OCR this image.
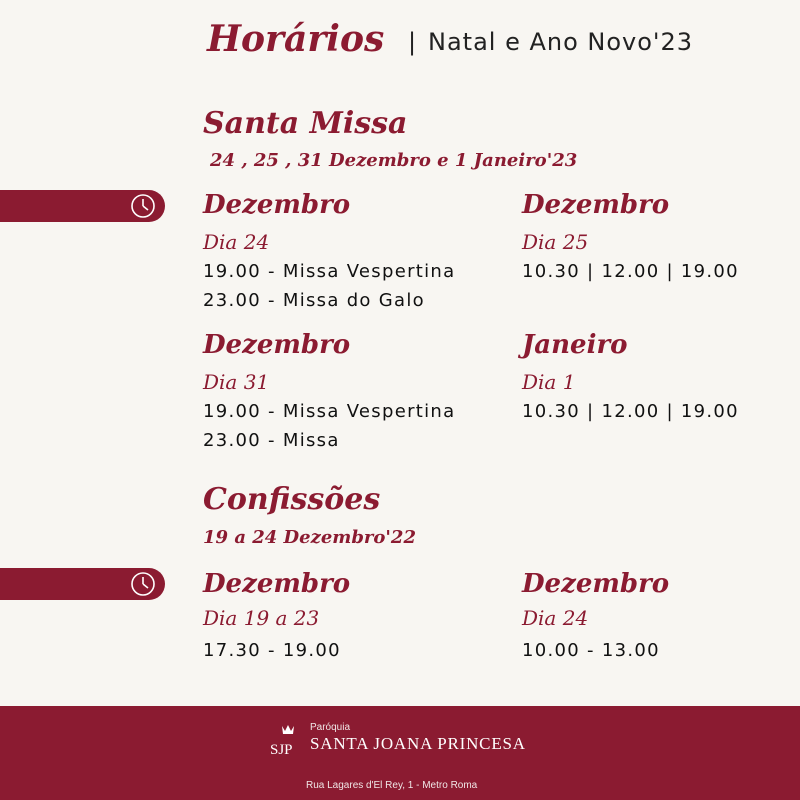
Horários | Natal e Ano Novo'23
Santa Missa
24 , 25 , 31 Dezembro e 1 Janeiro'23
Dezembro
Dia 24
19.00 - Missa Vespertina
23.00 - Missa do Galo
Dezembro
Dia 25
10.30 | 12.00 | 19.00
Dezembro
Dia 31
19.00 - Missa Vespertina
23.00 - Missa
Janeiro
Dia 1
10.30 | 12.00 | 19.00
Confissões
19 a 24 Dezembro'22
Dezembro
Dia 19 a 23
17.30 - 19.00
Dezembro
Dia 24
10.00 - 13.00
SJP
Paróquia
SANTA JOANA PRINCESA
Rua Lagares d'El Rey, 1 - Metro Roma
